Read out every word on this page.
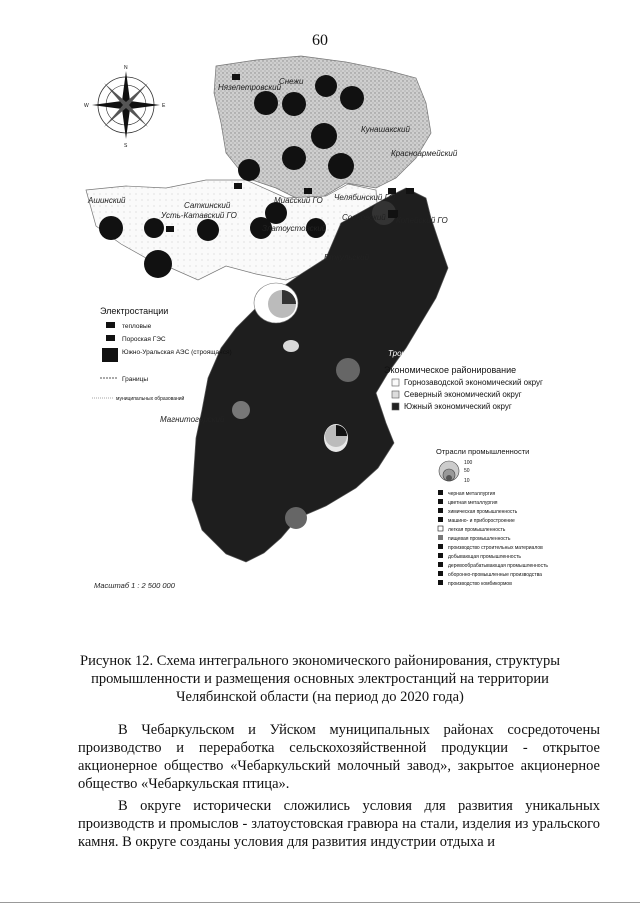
60
N
S
E
W
Нязепетровский
Снежи
Кунашакский
Красноармейский
Ашинский
Саткинский
Усть-Катавский ГО
Миасский ГО
Сосновский Копейский ГО
Златоустовский
Челябинский ГО
Еткульский
Троицкий ГО
Магнитогорский
Электростанции
тепловые
Пороская ГЭС
Южно-Уральская АЭС (строящаяся)
Границы
муниципальных образований
Масштаб 1 : 2 500 000
Экономическое районирование
Горнозаводской экономический округ
Северный экономический округ
Южный экономический округ
Отрасли промышленности
100
50
10
черная металлургия
цветная металлургия
химическая промышленность
машино- и приборостроение
легкая промышленность
пищевая промышленность
производство строительных материалов
добывающая промышленность
деревообрабатывающая промышленность
оборонно-промышленные производства
производство комбикормов
Рисунок 12. Схема интегрального экономического районирования, структуры промышленности и размещения основных электростанций на территории Челябинской области (на период до 2020 года)

В Чебаркульском и Уйском муниципальных районах сосредоточены производство и переработка сельскохозяйственной продукции - открытое акционерное общество «Чебаркульский молочный завод», закрытое акционерное общество «Чебаркульская птица».

В округе исторически сложились условия для развития уникальных производств и промыслов - златоустовская гравюра на стали, изделия из уральского камня. В округе созданы условия для развития индустрии отдыха и
